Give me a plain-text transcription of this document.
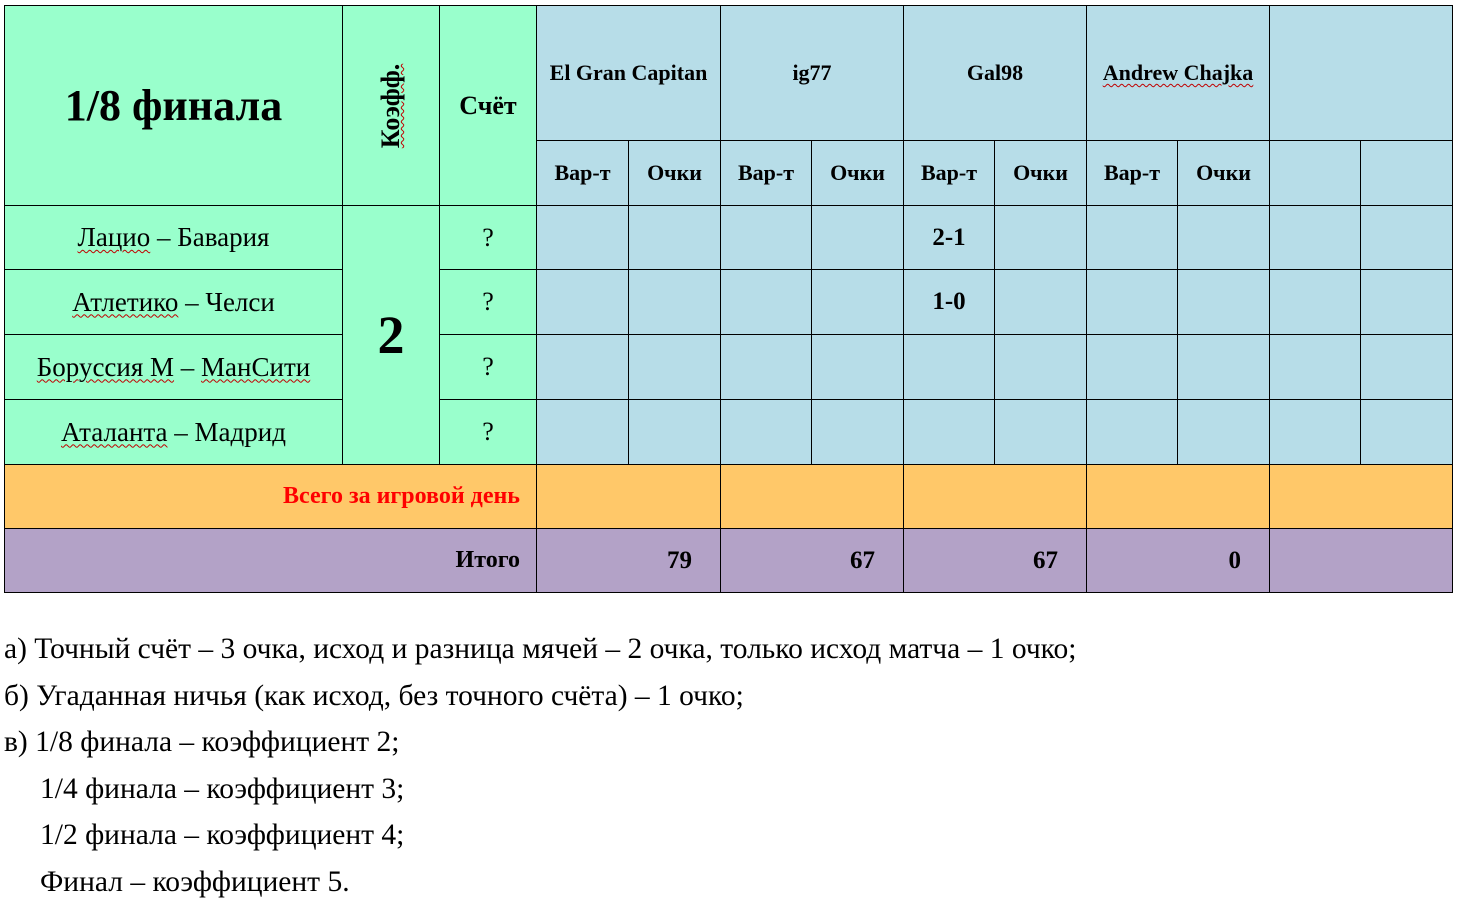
1/8 финала	Коэфф.	Счёт	El Gran Capitan		ig77		Gal98		Andrew Chajka			
			Вар-т	Очки	Вар-т	Очки	Вар-т	Очки	Вар-т	Очки		
Лацио – Бавария	2	?					2-1					
Атлетико – Челси		?					1-0					
Боруссия М – МанСити		?										
Аталанта – Мадрид		?										
Всего за игровой день												
Итого			79		67		67		0			
а) Точный счёт – 3 очка, исход и разница мячей – 2 очка, только исход матча – 1 очко;
б) Угаданная ничья (как исход, без точного счёта) – 1 очко;
в) 1/8 финала – коэффициент 2;
1/4 финала – коэффициент 3;
1/2 финала – коэффициент 4;
Финал – коэффициент 5.
